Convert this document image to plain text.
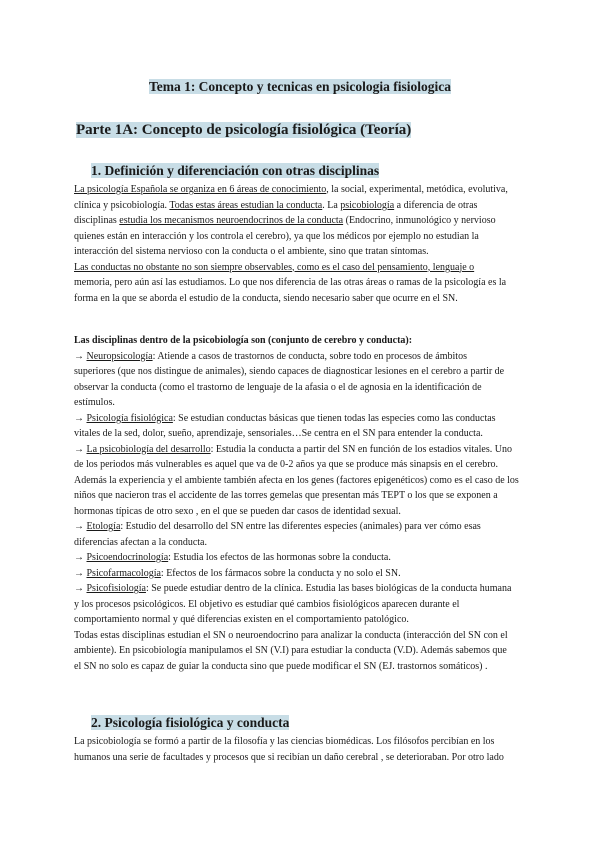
Tema 1: Concepto y tecnicas en psicologia fisiologica
Parte 1A: Concepto de psicología fisiológica (Teoría)
1. Definición y diferenciación con otras disciplinas
La psicología Española se organiza en 6 áreas de conocimiento, la social, experimental, metódica, evolutiva,
clínica y psicobiología. Todas estas áreas estudian la conducta. La psicobiología a diferencia de otras
disciplinas estudia los mecanismos neuroendocrinos de la conducta (Endocrino, inmunológico y nervioso
quienes están en interacción y los controla el cerebro), ya que los médicos por ejemplo no estudian la
interacción del sistema nervioso con la conducta o el ambiente, sino que tratan síntomas.
Las conductas no obstante no son siempre observables, como es el caso del pensamiento, lenguaje o
memoria, pero aún así las estudiamos. Lo que nos diferencia de las otras áreas o ramas de la psicología es la
forma en la que se aborda el estudio de la conducta, siendo necesario saber que ocurre en el SN.
Las disciplinas dentro de la psicobiología son (conjunto de cerebro y conducta):
→ Neuropsicología: Atiende a casos de trastornos de conducta, sobre todo en procesos de ámbitos
superiores (que nos distingue de animales), siendo capaces de diagnosticar lesiones en el cerebro a partir de
observar la conducta (como el trastorno de lenguaje de la afasia o el de agnosia en la identificación de
estímulos.
→ Psicología fisiológica: Se estudian conductas básicas que tienen todas las especies como las conductas
vitales de la sed, dolor, sueño, aprendizaje, sensoriales…Se centra en el SN para entender la conducta.
→ La psicobiología del desarrollo: Estudia la conducta a partir del SN en función de los estadios vitales. Uno
de los periodos más vulnerables es aquel que va de 0-2 años ya que se produce más sinapsis en el cerebro.
Además la experiencia y el ambiente también afecta en los genes (factores epigenéticos) como es el caso de los
niños que nacieron tras el accidente de las torres gemelas que presentan más TEPT o los que se exponen a
hormonas típicas de otro sexo , en el que se pueden dar casos de identidad sexual.
→ Etología: Estudio del desarrollo del SN entre las diferentes especies (animales) para ver cómo esas
diferencias afectan a la conducta.
→ Psicoendocrinología: Estudia los efectos de las hormonas sobre la conducta.
→ Psicofarmacología: Efectos de los fármacos sobre la conducta y no solo el SN.
→ Psicofisiología: Se puede estudiar dentro de la clínica. Estudia las bases biológicas de la conducta humana
y los procesos psicológicos. El objetivo es estudiar qué cambios fisiológicos aparecen durante el
comportamiento normal y qué diferencias existen en el comportamiento patológico.
Todas estas disciplinas estudian el SN o neuroendocrino para analizar la conducta (interacción del SN con el
ambiente). En psicobiología manipulamos el SN (V.I) para estudiar la conducta (V.D). Además sabemos que
el SN no solo es capaz de guiar la conducta sino que puede modificar el SN (EJ. trastornos somáticos) .
2. Psicología fisiológica y conducta
La psicobiología se formó a partir de la filosofía y las ciencias biomédicas. Los filósofos percibían en los
humanos una serie de facultades y procesos que si recibían un daño cerebral , se deterioraban. Por otro lado
